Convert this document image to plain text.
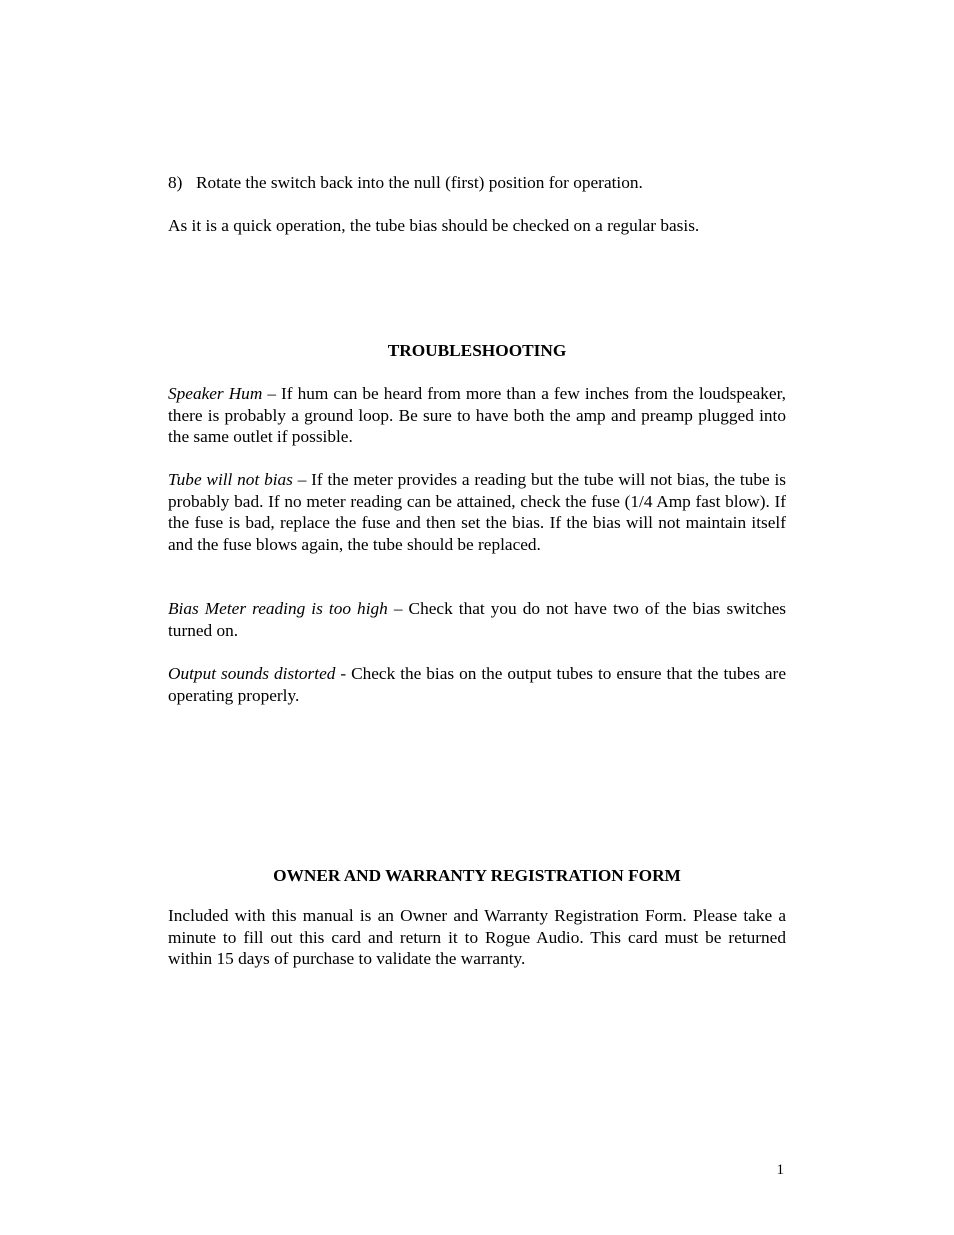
8) Rotate the switch back into the null (first) position for operation.

As it is a quick operation, the tube bias should be checked on a regular basis.

TROUBLESHOOTING

Speaker Hum – If hum can be heard from more than a few inches from the loudspeaker, there is probably a ground loop. Be sure to have both the amp and preamp plugged into the same outlet if possible.

Tube will not bias – If the meter provides a reading but the tube will not bias, the tube is probably bad. If no meter reading can be attained, check the fuse (1/4 Amp fast blow). If the fuse is bad, replace the fuse and then set the bias. If the bias will not maintain itself and the fuse blows again, the tube should be replaced.

Bias Meter reading is too high – Check that you do not have two of the bias switches turned on.

Output sounds distorted - Check the bias on the output tubes to ensure that the tubes are operating properly.

OWNER AND WARRANTY REGISTRATION FORM

Included with this manual is an Owner and Warranty Registration Form. Please take a minute to fill out this card and return it to Rogue Audio. This card must be returned within 15 days of purchase to validate the warranty.

1
